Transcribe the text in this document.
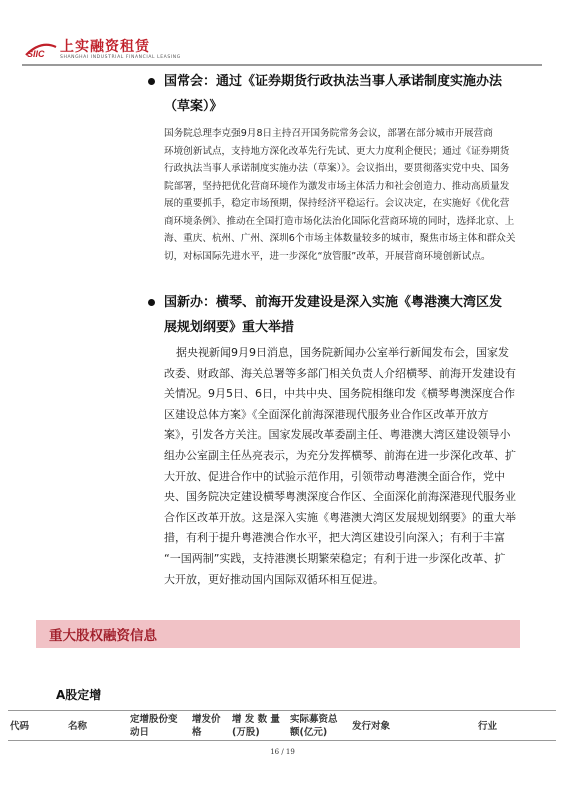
SIIC 上实融资租赁
SHANGHAI INDUSTRIAL FINANCIAL LEASING
国常会：通过《证券期货行政执法当事人承诺制度实施办法
（草案）》
国务院总理李克强9月8日主持召开国务院常务会议，部署在部分城市开展营商
环境创新试点，支持地方深化改革先行先试、更大力度利企便民；通过《证券期货
行政执法当事人承诺制度实施办法（草案）》。会议指出，要贯彻落实党中央、国务
院部署，坚持把优化营商环境作为激发市场主体活力和社会创造力、推动高质量发
展的重要抓手，稳定市场预期，保持经济平稳运行。会议决定，在实施好《优化营
商环境条例》、推动在全国打造市场化法治化国际化营商环境的同时，选择北京、上
海、重庆、杭州、广州、深圳6个市场主体数量较多的城市，聚焦市场主体和群众关
切，对标国际先进水平，进一步深化“放管服”改革，开展营商环境创新试点。
国新办：横琴、前海开发建设是深入实施《粤港澳大湾区发
展规划纲要》重大举措
据央视新闻9月9日消息，国务院新闻办公室举行新闻发布会，国家发
改委、财政部、海关总署等多部门相关负责人介绍横琴、前海开发建设有
关情况。9月5日、6日，中共中央、国务院相继印发《横琴粤澳深度合作
区建设总体方案》《全面深化前海深港现代服务业合作区改革开放方
案》，引发各方关注。国家发展改革委副主任、粤港澳大湾区建设领导小
组办公室副主任丛亮表示，为充分发挥横琴、前海在进一步深化改革、扩
大开放、促进合作中的试验示范作用，引领带动粤港澳全面合作，党中
央、国务院决定建设横琴粤澳深度合作区、全面深化前海深港现代服务业
合作区改革开放。这是深入实施《粤港澳大湾区发展规划纲要》的重大举
措，有利于提升粤港澳合作水平，把大湾区建设引向深入；有利于丰富
“一国两制”实践，支持港澳长期繁荣稳定；有利于进一步深化改革、扩
大开放，更好推动国内国际双循环相互促进。
重大股权融资信息
A股定增
代码	名称
定增股份变
动日
增发价
格
增 发 数 量
(万股)
实际募资总
额(亿元)
发行对象	行业
16 / 19
